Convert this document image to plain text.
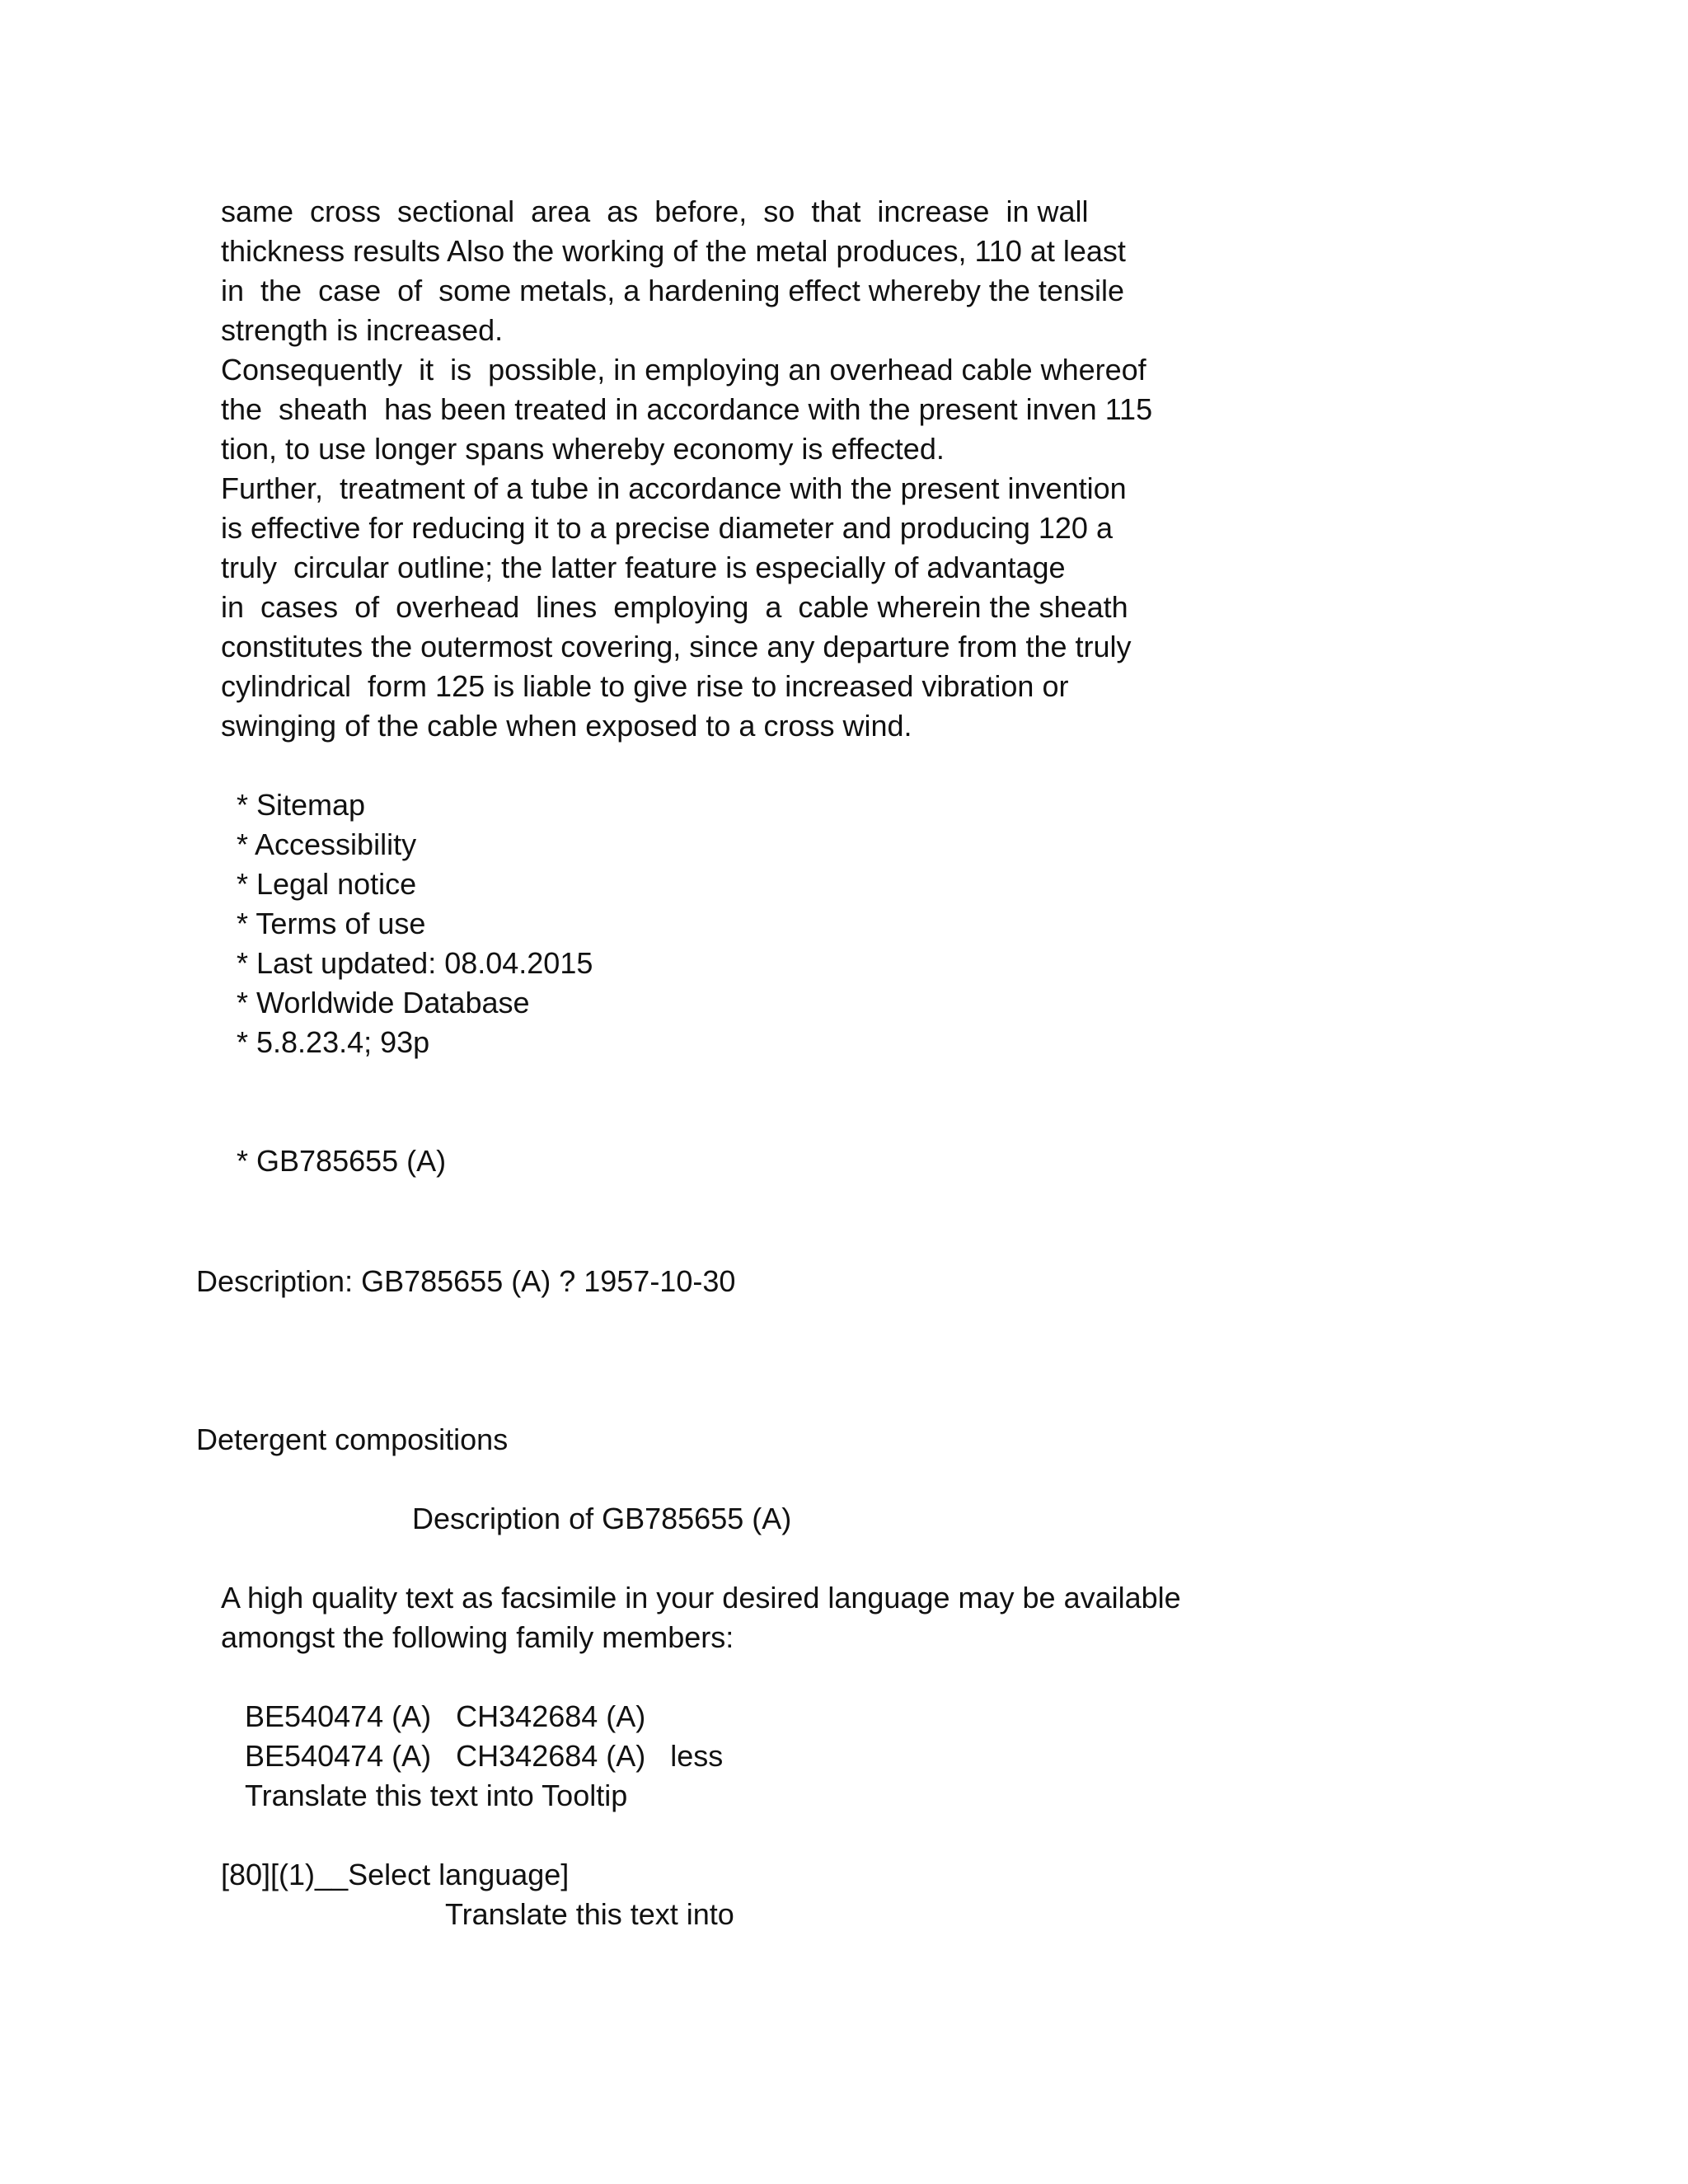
same  cross  sectional  area  as  before,  so  that  increase  in wall
thickness results Also the working of the metal produces, 110 at least
in  the  case  of  some metals, a hardening effect whereby the tensile
strength is increased.
Consequently  it  is  possible, in employing an overhead cable whereof
the  sheath  has been treated in accordance with the present inven 115
tion, to use longer spans whereby economy is effected.
Further,  treatment of a tube in accordance with the present invention
is effective for reducing it to a precise diameter and producing 120 a
truly  circular outline; the latter feature is especially of advantage
in  cases  of  overhead  lines  employing  a  cable wherein the sheath
constitutes the outermost covering, since any departure from the truly
cylindrical  form 125 is liable to give rise to increased vibration or
swinging of the cable when exposed to a cross wind.
* Sitemap
* Accessibility
* Legal notice
* Terms of use
* Last updated: 08.04.2015
* Worldwide Database
* 5.8.23.4; 93p
* GB785655 (A)
Description: GB785655 (A) ? 1957-10-30
Detergent compositions
Description of GB785655 (A)
A high quality text as facsimile in your desired language may be available
amongst the following family members:
BE540474 (A)   CH342684 (A)
BE540474 (A)   CH342684 (A)   less
Translate this text into Tooltip
[80][(1)__Select language]
Translate this text into
